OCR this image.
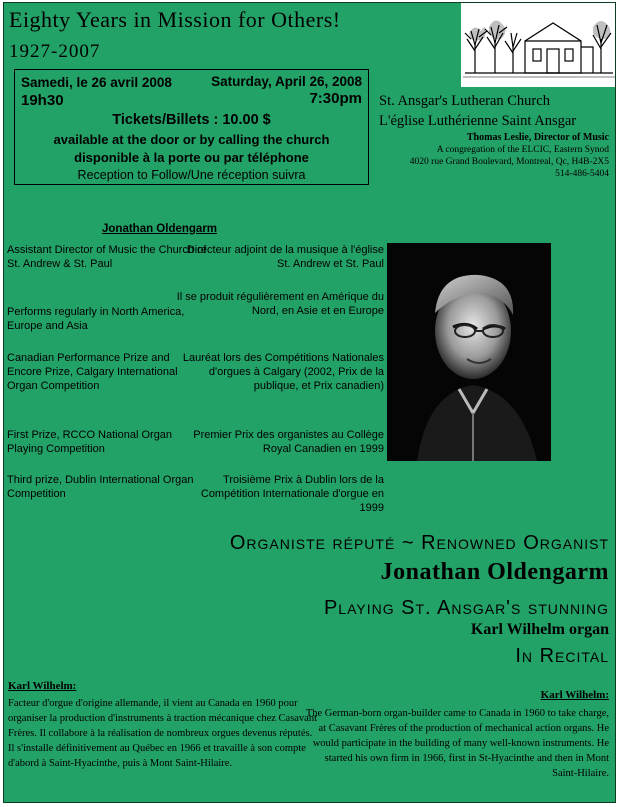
Eighty Years in Mission for Others!
1927-2007
Samedi, le 26 avril 2008
19h30
Saturday, April 26, 2008
7:30pm
Tickets/Billets : 10.00 $
available at the door or by calling the church
disponible à la porte ou par téléphone
Reception to Follow/Une réception suivra
St. Ansgar's Lutheran Church
L'église Luthérienne Saint Ansgar
Thomas Leslie, Director of Music
A congregation of the ELCIC, Eastern Synod
4020 rue Grand Boulevard, Montreal, Qc, H4B-2X5
514-486-5404
Jonathan Oldengarm
Assistant Director of Music the Church of St. Andrew & St. Paul
Directeur adjoint de la musique à l'église St. Andrew et St. Paul
Performs regularly in North America, Europe and Asia
Il se produit régulièrement en Amérique du Nord, en Asie et en Europe
Canadian Performance Prize and Encore Prize, Calgary International Organ Competition
Lauréat lors des Compétitions Nationales d'orgues à Calgary (2002, Prix de la publique, et Prix canadien)
First Prize, RCCO National Organ Playing Competition
Premier Prix des organistes au Collège Royal Canadien en 1999
Third prize, Dublin International Organ Competition
Troisième Prix à Dublin lors de la Compétition Internationale d'orgue en 1999
Organiste réputé ~ Renowned Organist
Jonathan Oldengarm
Playing St. Ansgar's stunning
Karl Wilhelm organ
In Recital
Karl Wilhelm:
Facteur d'orgue d'origine allemande, il vient au Canada en 1960 pour organiser la production d'instruments à traction mécanique chez Casavant Frères. Il collabore à la réalisation de nombreux orgues devenus réputés. Il s'installe définitivement au Québec en 1966 et travaille à son compte d'abord à Saint-Hyacinthe, puis à Mont Saint-Hilaire.
Karl Wilhelm:
The German-born organ-builder came to Canada in 1960 to take charge, at Casavant Frères of the production of mechanical action organs. He would participate in the building of many well-known instruments. He started his own firm in 1966, first in St-Hyacinthe and then in Mont Saint-Hilaire.
